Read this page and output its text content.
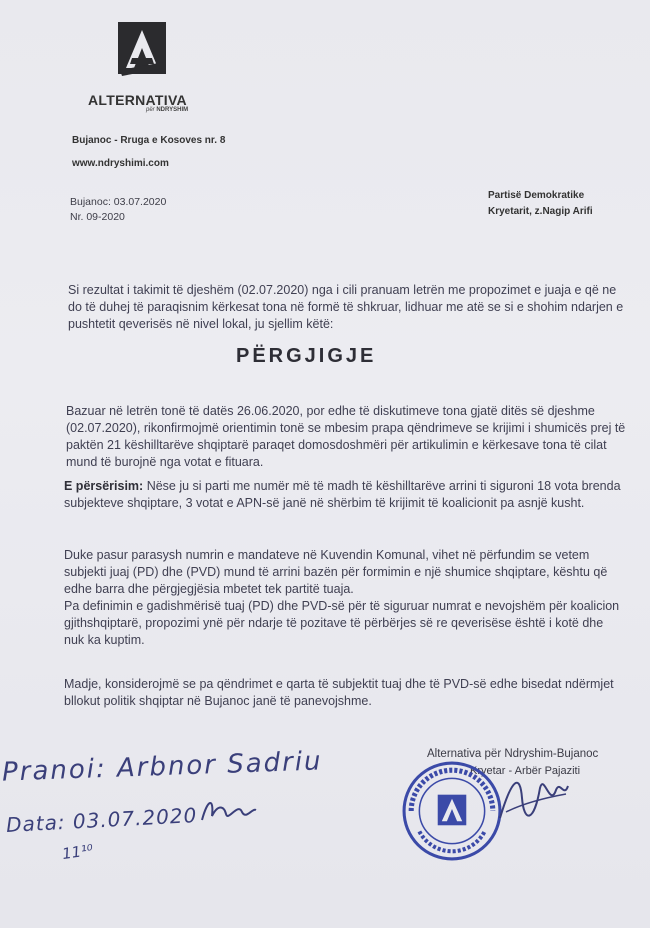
ALTERNATIVA
për NDRYSHIM
Bujanoc - Rruga e Kosoves nr. 8
www.ndryshimi.com
Bujanoc: 03.07.2020
Nr. 09-2020
Partisë Demokratike
Kryetarit, z.Nagip Arifi
Si rezultat i takimit të djeshëm (02.07.2020) nga i cili pranuam letrën me propozimet e juaja e që ne do të duhej të paraqisnim kërkesat tona në formë të shkruar, lidhuar me atë se si e shohim ndarjen e pushtetit qeverisës në nivel lokal, ju sjellim këtë:
PËRGJIGJE
Bazuar në letrën tonë të datës 26.06.2020, por edhe të diskutimeve tona gjatë ditës së djeshme (02.07.2020), rikonfirmojmë orientimin tonë se mbesim prapa qëndrimeve se krijimi i shumicës prej të paktën 21 këshilltarëve shqiptarë paraqet domosdoshmëri për artikulimin e kërkesave tona të cilat mund të burojnë nga votat e fituara.
E përsërisim: Nëse ju si parti me numër më të madh të këshilltarëve arrini ti siguroni 18 vota brenda subjekteve shqiptare, 3 votat e APN-së janë në shërbim të krijimit të koalicionit pa asnjë kusht.
Duke pasur parasysh numrin e mandateve në Kuvendin Komunal, vihet në përfundim se vetem subjekti juaj (PD) dhe (PVD) mund të arrini bazën për formimin e një shumice shqiptare, kështu që edhe barra dhe përgjegjësia mbetet tek partitë tuaja.
Pa definimin e gadishmërisë tuaj (PD) dhe PVD-së për të siguruar numrat e nevojshëm për koalicion gjithshqiptarë, propozimi ynë për ndarje të pozitave të përbërjes së re qeverisëse është i kotë dhe nuk ka kuptim.
Madje, konsiderojmë se pa qëndrimet e qarta të subjektit tuaj dhe të PVD-së edhe bisedat ndërmjet bllokut politik shqiptar në Bujanoc janë të panevojshme.
Alternativa për Ndryshim-Bujanoc
Kryetar - Arbër Pajaziti
Pranoi: Arbnor Sadriu
Data: 03.07.2020
11¹⁰
